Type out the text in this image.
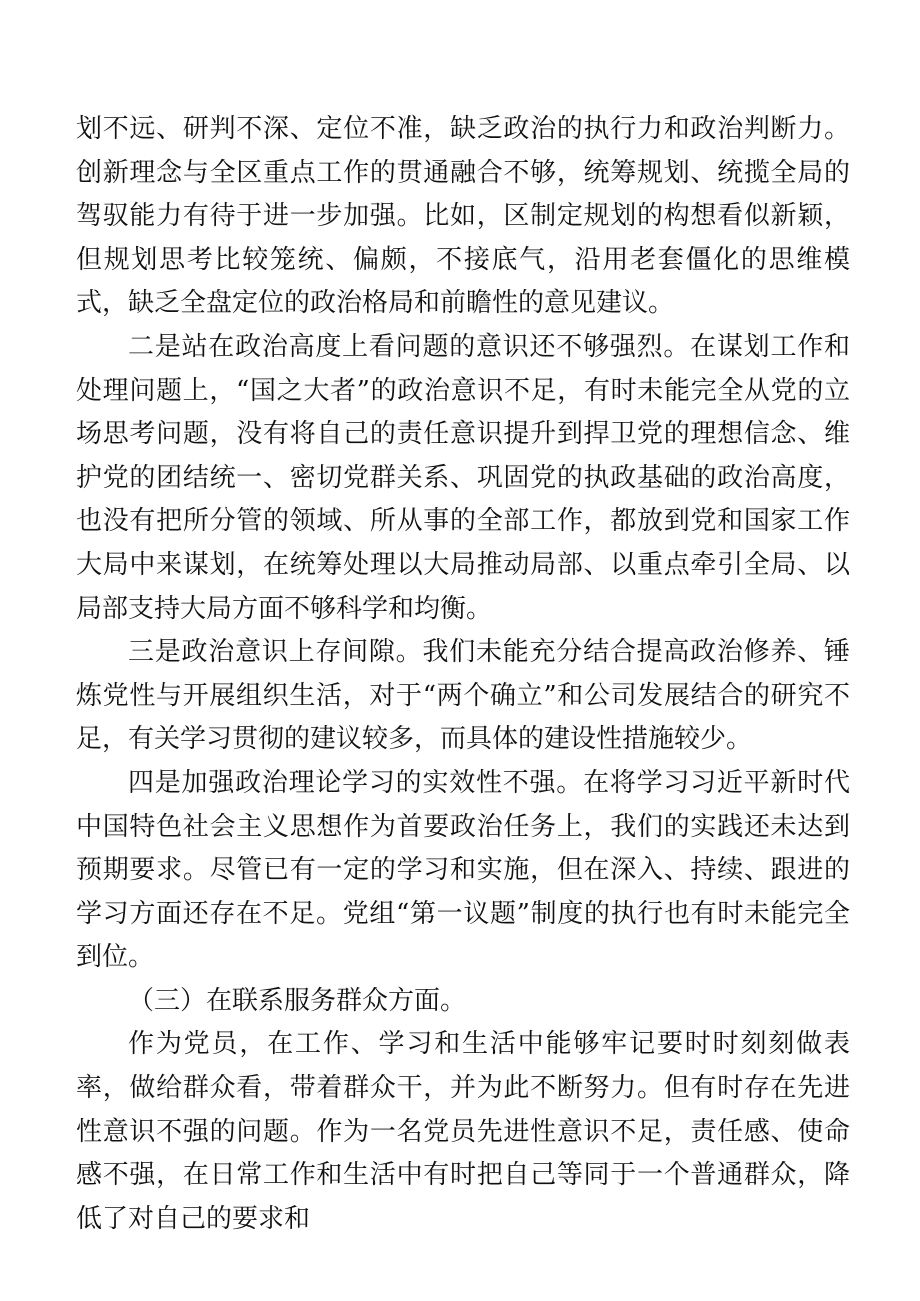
划不远、研判不深、定位不准，缺乏政治的执行力和政治判断力。创新理念与全区重点工作的贯通融合不够，统筹规划、统揽全局的驾驭能力有待于进一步加强。比如，区制定规划的构想看似新颖，但规划思考比较笼统、偏颇，不接底气，沿用老套僵化的思维模式，缺乏全盘定位的政治格局和前瞻性的意见建议。

二是站在政治高度上看问题的意识还不够强烈。在谋划工作和处理问题上，“国之大者”的政治意识不足，有时未能完全从党的立场思考问题，没有将自己的责任意识提升到捍卫党的理想信念、维护党的团结统一、密切党群关系、巩固党的执政基础的政治高度，也没有把所分管的领域、所从事的全部工作，都放到党和国家工作大局中来谋划，在统筹处理以大局推动局部、以重点牵引全局、以局部支持大局方面不够科学和均衡。

三是政治意识上存间隙。我们未能充分结合提高政治修养、锤炼党性与开展组织生活，对于“两个确立”和公司发展结合的研究不足，有关学习贯彻的建议较多，而具体的建设性措施较少。

四是加强政治理论学习的实效性不强。在将学习习近平新时代中国特色社会主义思想作为首要政治任务上，我们的实践还未达到预期要求。尽管已有一定的学习和实施，但在深入、持续、跟进的学习方面还存在不足。党组“第一议题”制度的执行也有时未能完全到位。

（三）在联系服务群众方面。

作为党员，在工作、学习和生活中能够牢记要时时刻刻做表率，做给群众看，带着群众干，并为此不断努力。但有时存在先进性意识不强的问题。作为一名党员先进性意识不足，责任感、使命感不强，在日常工作和生活中有时把自己等同于一个普通群众，降低了对自己的要求和
